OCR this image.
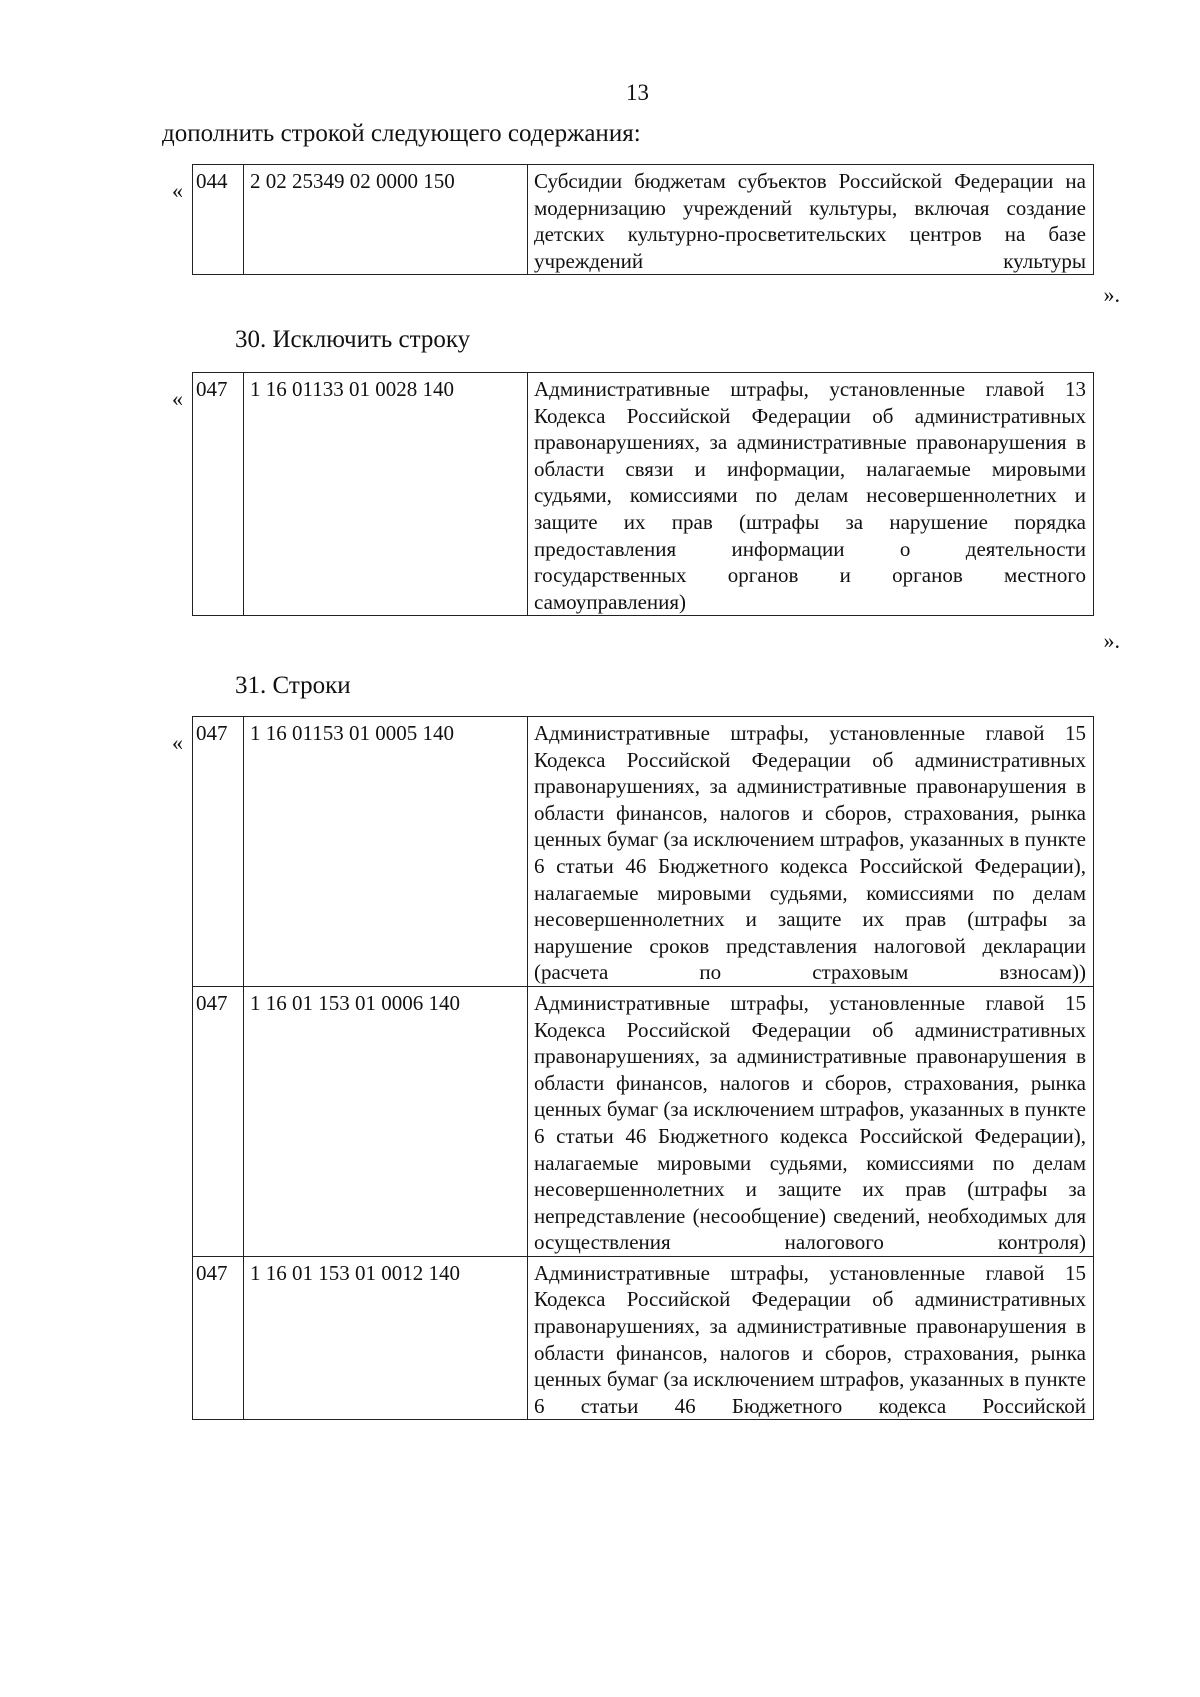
13
дополнить строкой следующего содержания:
« 044	2 02 25349 02 0000 150	Субсидии бюджетам субъектов Российской Федерации на модернизацию учреждений культуры, включая создание детских культурно-просветительских центров на базе учреждений культуры
».
30. Исключить строку
« 047	1 16 01133 01 0028 140	Административные штрафы, установленные главой 13 Кодекса Российской Федерации об административных правонарушениях, за административные правонарушения в области связи и информации, налагаемые мировыми судьями, комиссиями по делам несовершеннолетних и защите их прав (штрафы за нарушение порядка предоставления информации о деятельности государственных органов и органов местного самоуправления)
».
31. Строки
« 047	1 16 01153 01 0005 140	Административные штрафы, установленные главой 15 Кодекса Российской Федерации об административных правонарушениях, за административные правонарушения в области финансов, налогов и сборов, страхования, рынка ценных бумаг (за исключением штрафов, указанных в пункте 6 статьи 46 Бюджетного кодекса Российской Федерации), налагаемые мировыми судьями, комиссиями по делам несовершеннолетних и защите их прав (штрафы за нарушение сроков представления налоговой декларации (расчета по страховым взносам))

047	1 16 01 153 01 0006 140	Административные штрафы, установленные главой 15 Кодекса Российской Федерации об административных правонарушениях, за административные правонарушения в области финансов, налогов и сборов, страхования, рынка ценных бумаг (за исключением штрафов, указанных в пункте 6 статьи 46 Бюджетного кодекса Российской Федерации), налагаемые мировыми судьями, комиссиями по делам несовершеннолетних и защите их прав (штрафы за непредставление (несообщение) сведений, необходимых для осуществления налогового контроля)

047	1 16 01 153 01 0012 140	Административные штрафы, установленные главой 15 Кодекса Российской Федерации об административных правонарушениях, за административные правонарушения в области финансов, налогов и сборов, страхования, рынка ценных бумаг (за исключением штрафов, указанных в пункте 6 статьи 46 Бюджетного кодекса Российской
